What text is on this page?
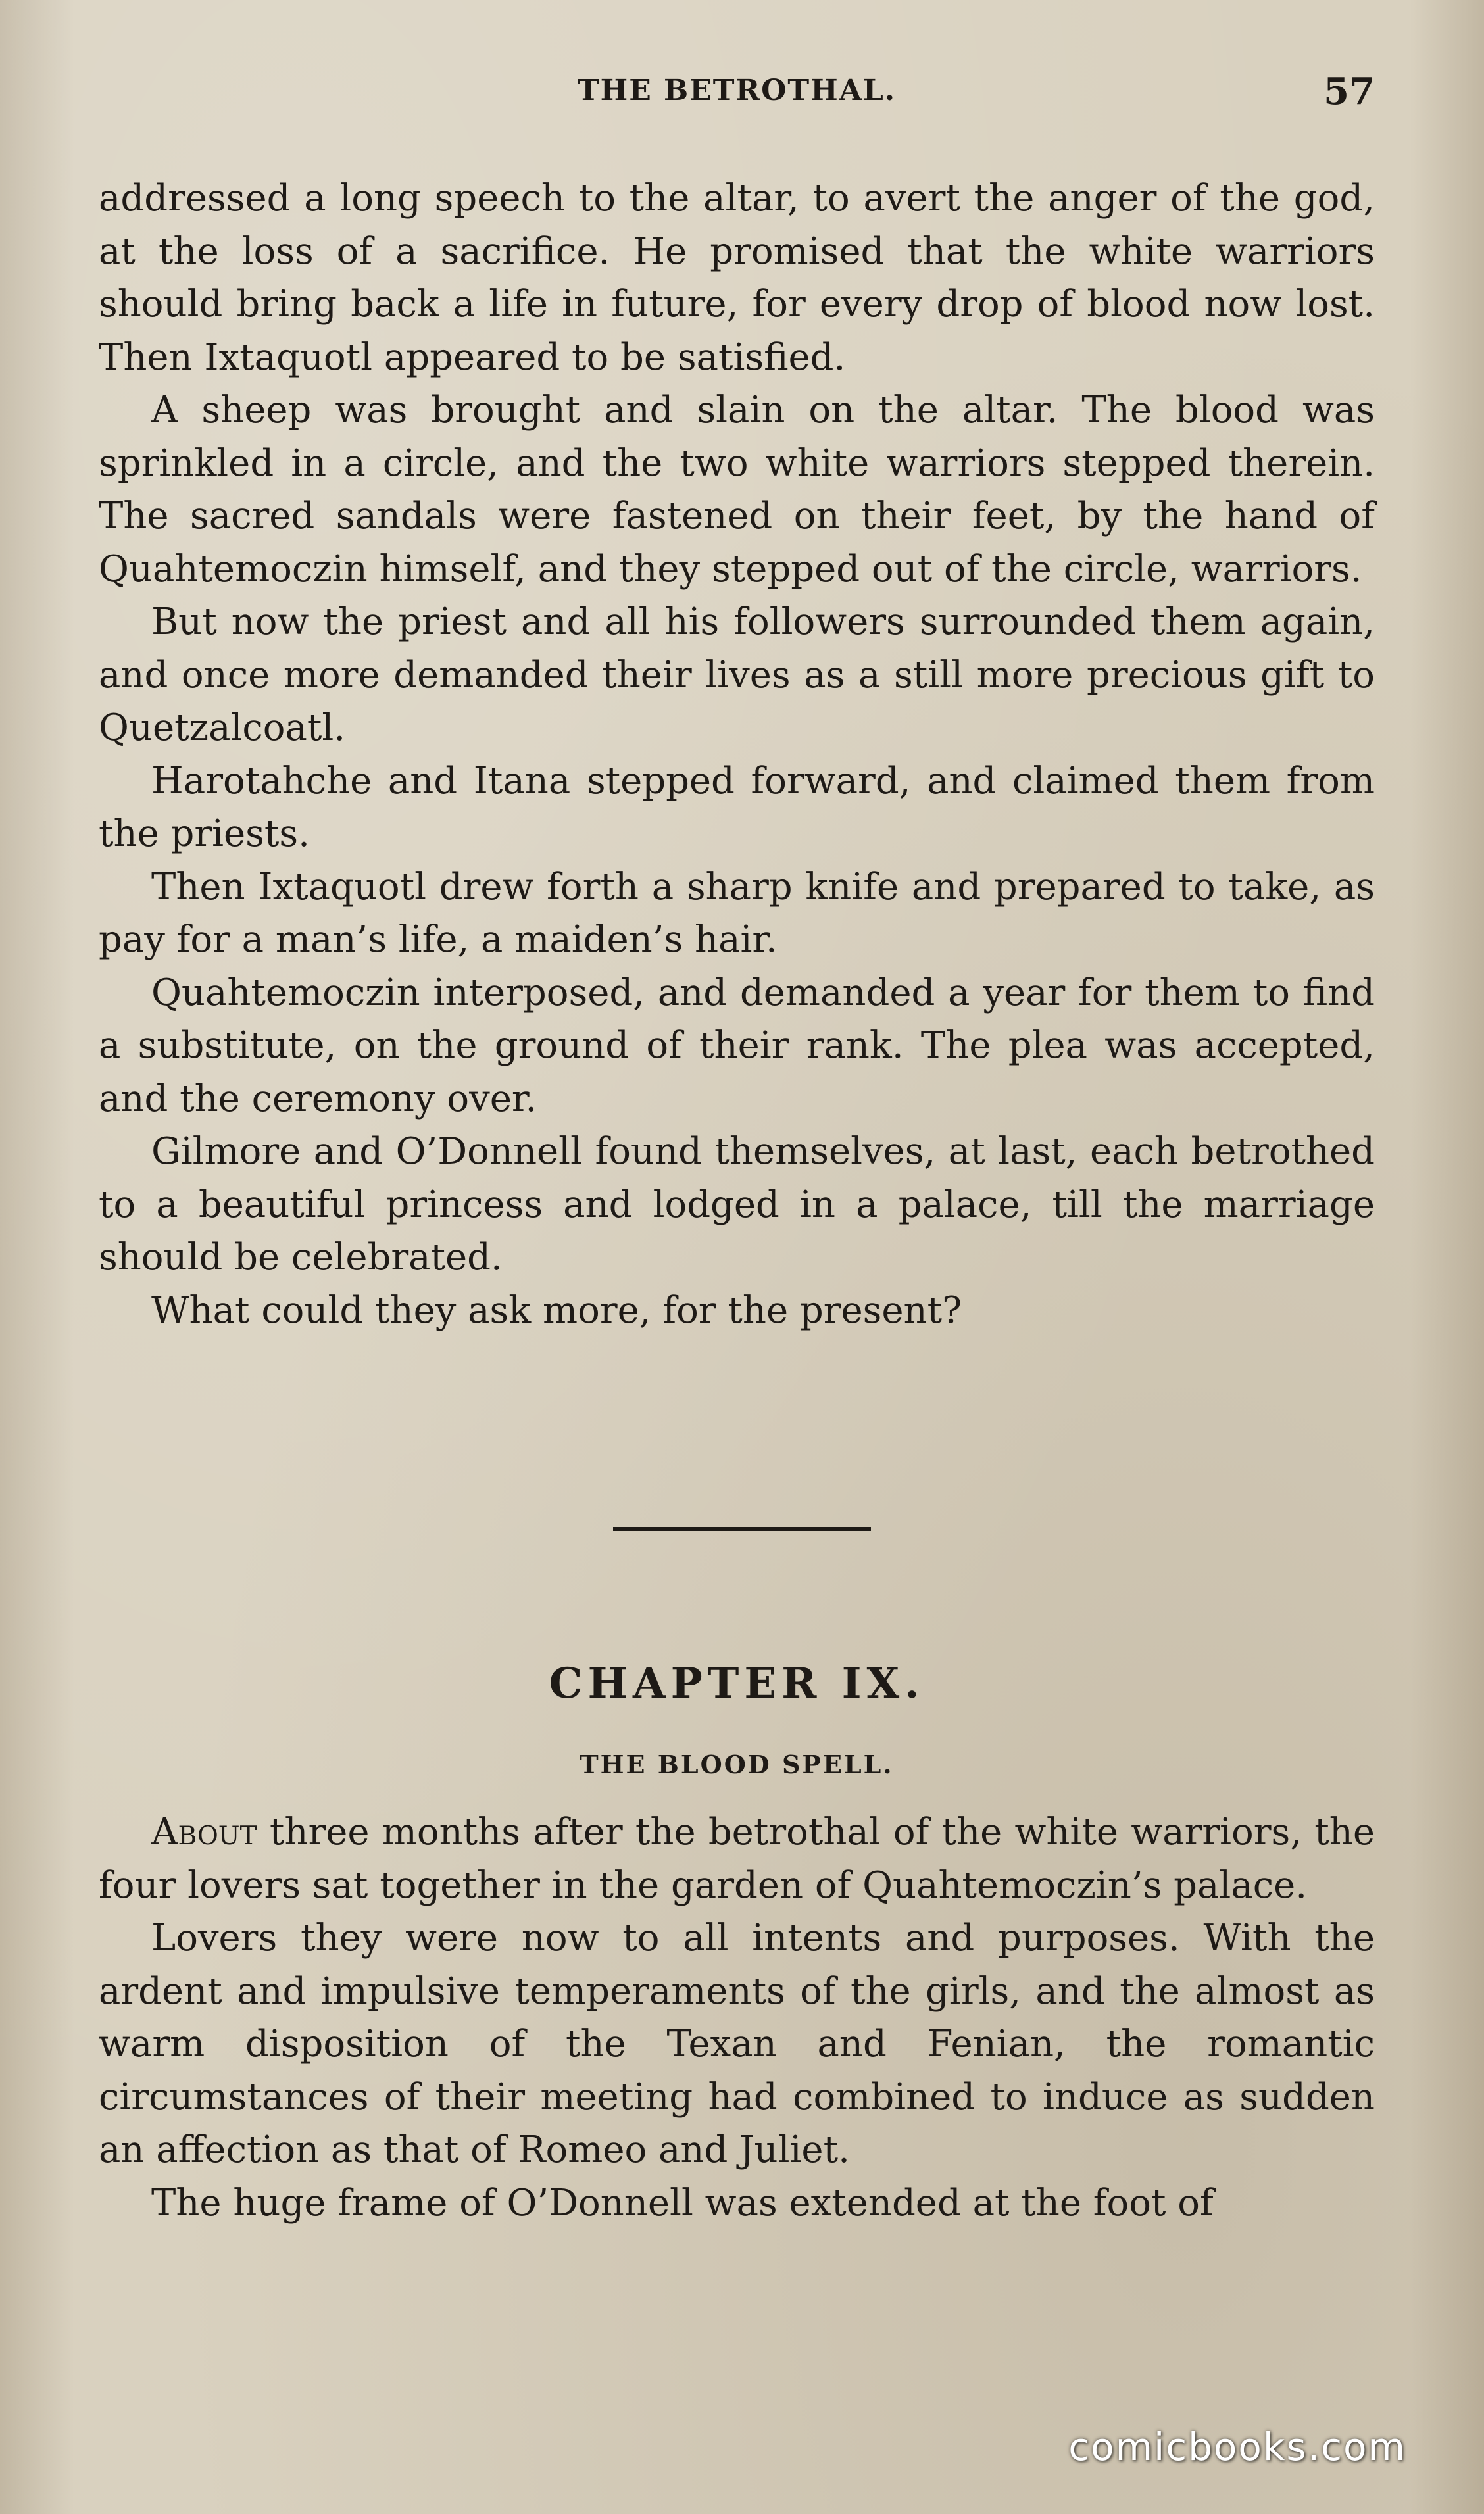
THE BETROTHAL.	57

addressed a long speech to the altar, to avert the anger of the god, at the loss of a sacrifice. He promised that the white warriors should bring back a life in future, for every drop of blood now lost. Then Ixtaquotl appeared to be satisfied.

A sheep was brought and slain on the altar. The blood was sprinkled in a circle, and the two white warriors stepped therein. The sacred sandals were fastened on their feet, by the hand of Quahtemoczin himself, and they stepped out of the circle, warriors.

But now the priest and all his followers surrounded them again, and once more demanded their lives as a still more precious gift to Quetzalcoatl.

Harotahche and Itana stepped forward, and claimed them from the priests.

Then Ixtaquotl drew forth a sharp knife and prepared to take, as pay for a man’s life, a maiden’s hair.

Quahtemoczin interposed, and demanded a year for them to find a substitute, on the ground of their rank. The plea was accepted, and the ceremony over.

Gilmore and O’Donnell found themselves, at last, each betrothed to a beautiful princess and lodged in a palace, till the marriage should be celebrated.

What could they ask more, for the present?

CHAPTER IX.
THE BLOOD SPELL.

About three months after the betrothal of the white warriors, the four lovers sat together in the garden of Quahtemoczin’s palace.

Lovers they were now to all intents and purposes. With the ardent and impulsive temperaments of the girls, and the almost as warm disposition of the Texan and Fenian, the romantic circumstances of their meeting had combined to induce as sudden an affection as that of Romeo and Juliet.

The huge frame of O’Donnell was extended at the foot of

comicbooks.com
